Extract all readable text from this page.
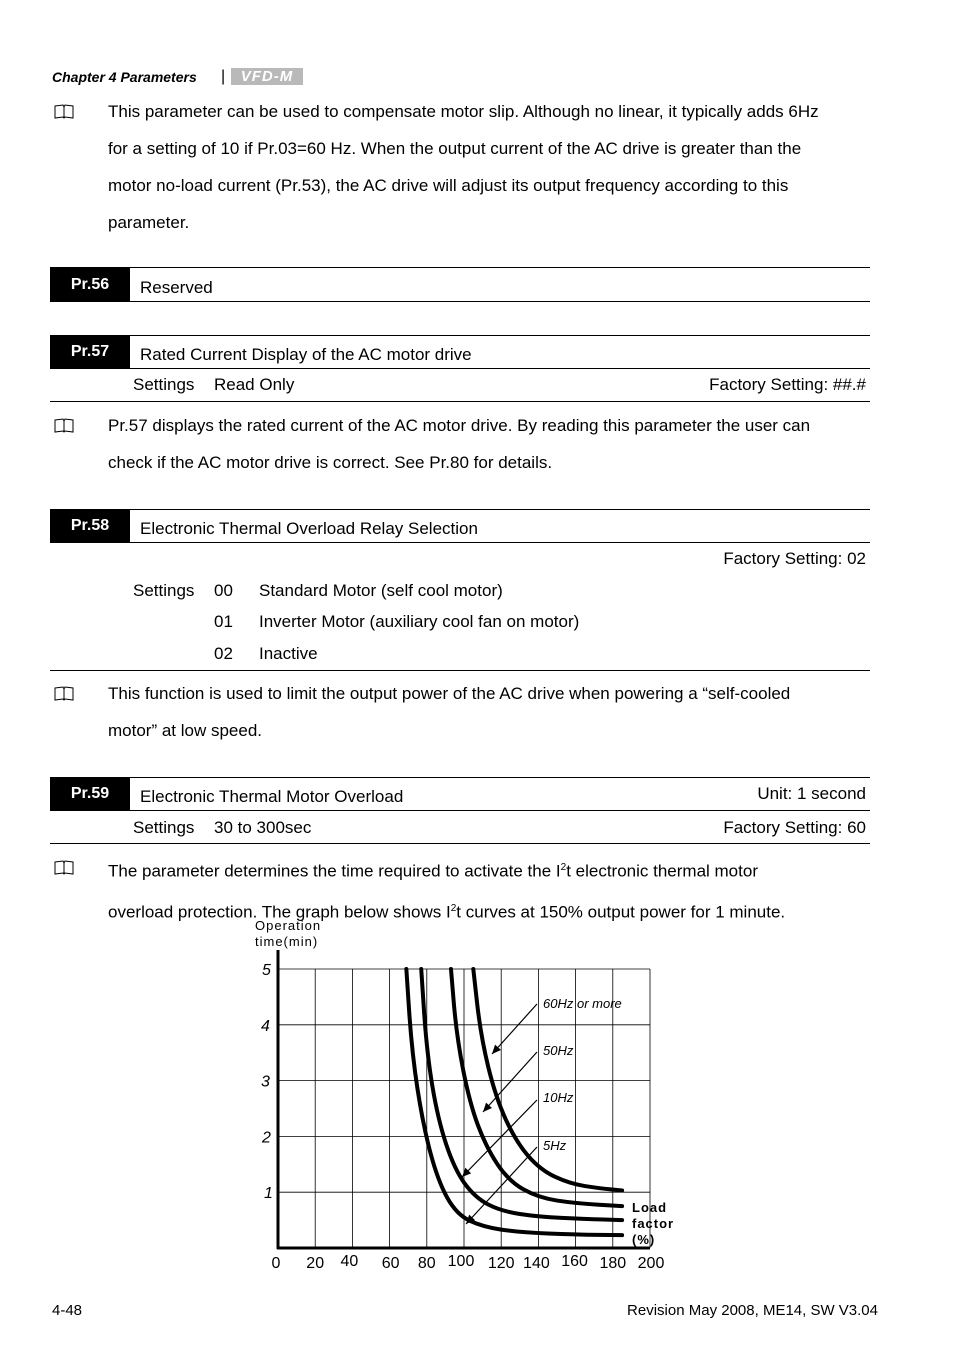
Chapter 4 Parameters |	VFD-M
This parameter can be used to compensate motor slip. Although no linear, it typically adds 6Hz
for a setting of 10 if Pr.03=60 Hz. When the output current of the AC drive is greater than the
motor no-load current (Pr.53), the AC drive will adjust its output frequency according to this
parameter.
Pr.56	Reserved
Pr.57	Rated Current Display of the AC motor drive
Settings Read Only	Factory Setting: ##.#
Pr.57 displays the rated current of the AC motor drive. By reading this parameter the user can
check if the AC motor drive is correct. See Pr.80 for details.
Pr.58	Electronic Thermal Overload Relay Selection
Factory Setting: 02
Settings 00 Standard Motor (self cool motor)
01 Inverter Motor (auxiliary cool fan on motor)
02 Inactive
This function is used to limit the output power of the AC drive when powering a “self-cooled
motor” at low speed.
Pr.59	Electronic Thermal Motor Overload	Unit: 1 second
Settings 30 to 300sec	Factory Setting: 60
The parameter determines the time required to activate the $I^2t$ electronic thermal motor
overload protection. The graph below shows $I^2t$ curves at 150% output power for 1 minute.
Operation
time(min)
0 20 40 60 80 100 120 140 160 180 200
1
2
3
4
5
60Hz or more
50Hz
10Hz
5Hz
Load
factor
(%)
4-48	Revision May 2008, ME14, SW V3.04
